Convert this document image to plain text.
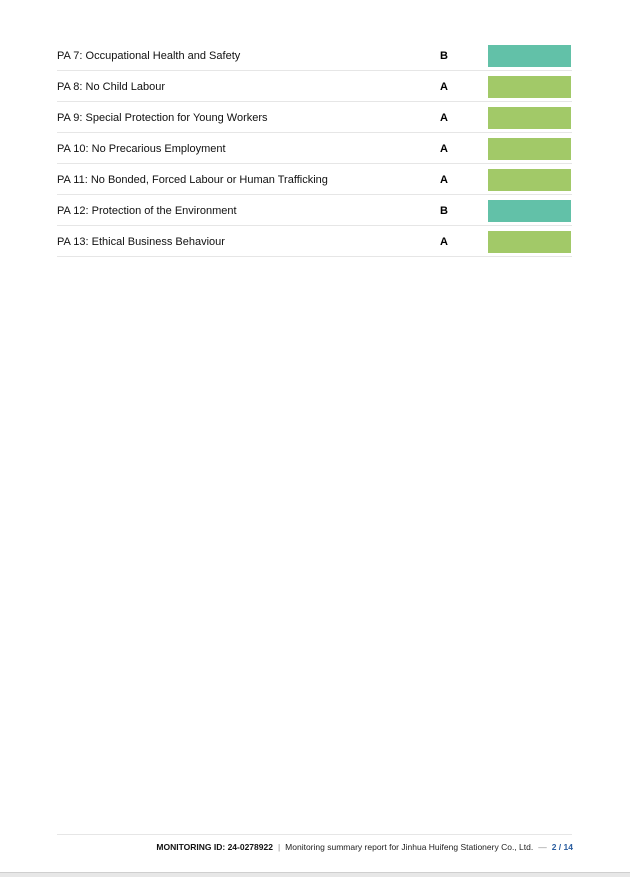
PA 7: Occupational Health and Safety	B
PA 8: No Child Labour	A
PA 9: Special Protection for Young Workers	A
PA 10: No Precarious Employment	A
PA 11: No Bonded, Forced Labour or Human Trafficking	A
PA 12: Protection of the Environment	B
PA 13: Ethical Business Behaviour	A
MONITORING ID: 24-0278922 | Monitoring summary report for Jinhua Huifeng Stationery Co., Ltd. — 2 / 14
